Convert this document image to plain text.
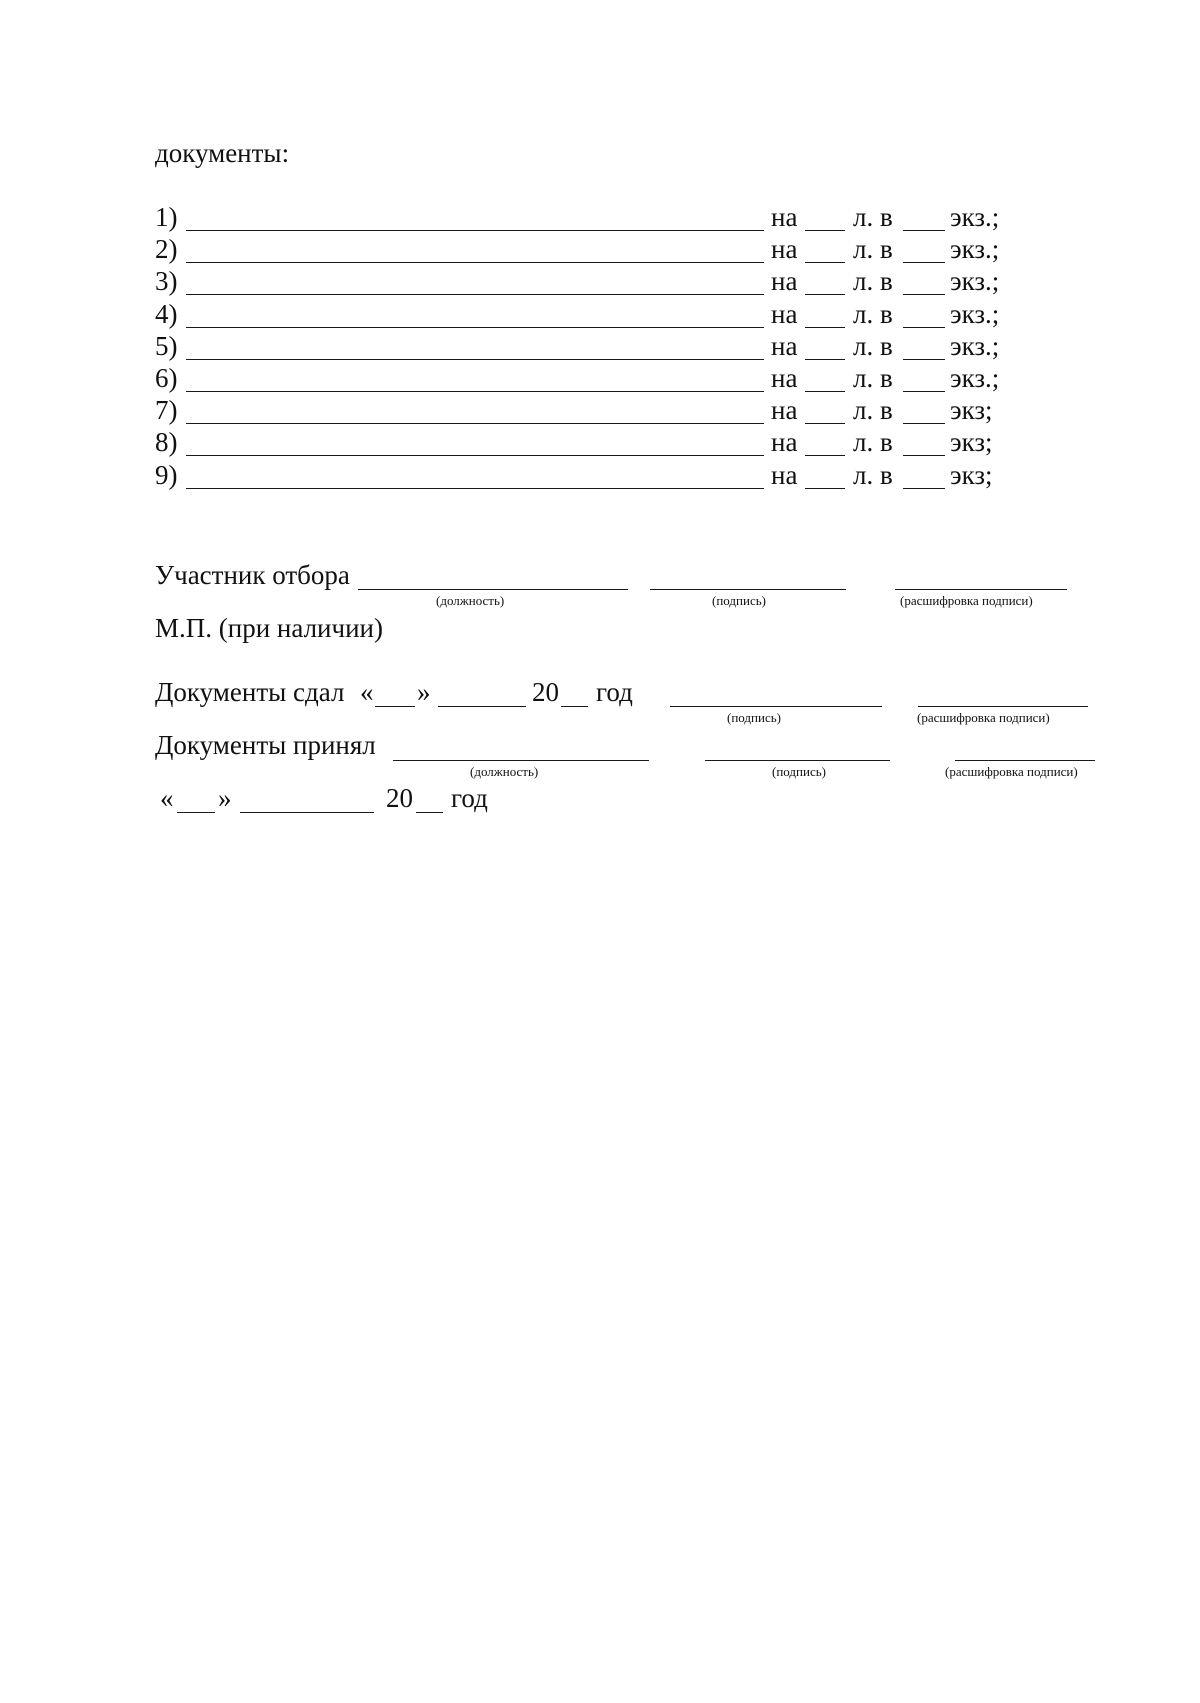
документы:
1)	на л. в экз.;
2)	на л. в экз.;
3)	на л. в экз.;
4)	на л. в экз.;
5)	на л. в экз.;
6)	на л. в экз.;
7)	на л. в экз;
8)	на л. в экз;
9)	на л. в экз;
Участник отбора
(должность)	(подпись)	(расшифровка подписи)
М.П. (при наличии)
Документы сдал « »	20 год
(подпись)	(расшифровка подписи)
Документы принял
(должность)	(подпись)	(расшифровка подписи)
« »	20 год
